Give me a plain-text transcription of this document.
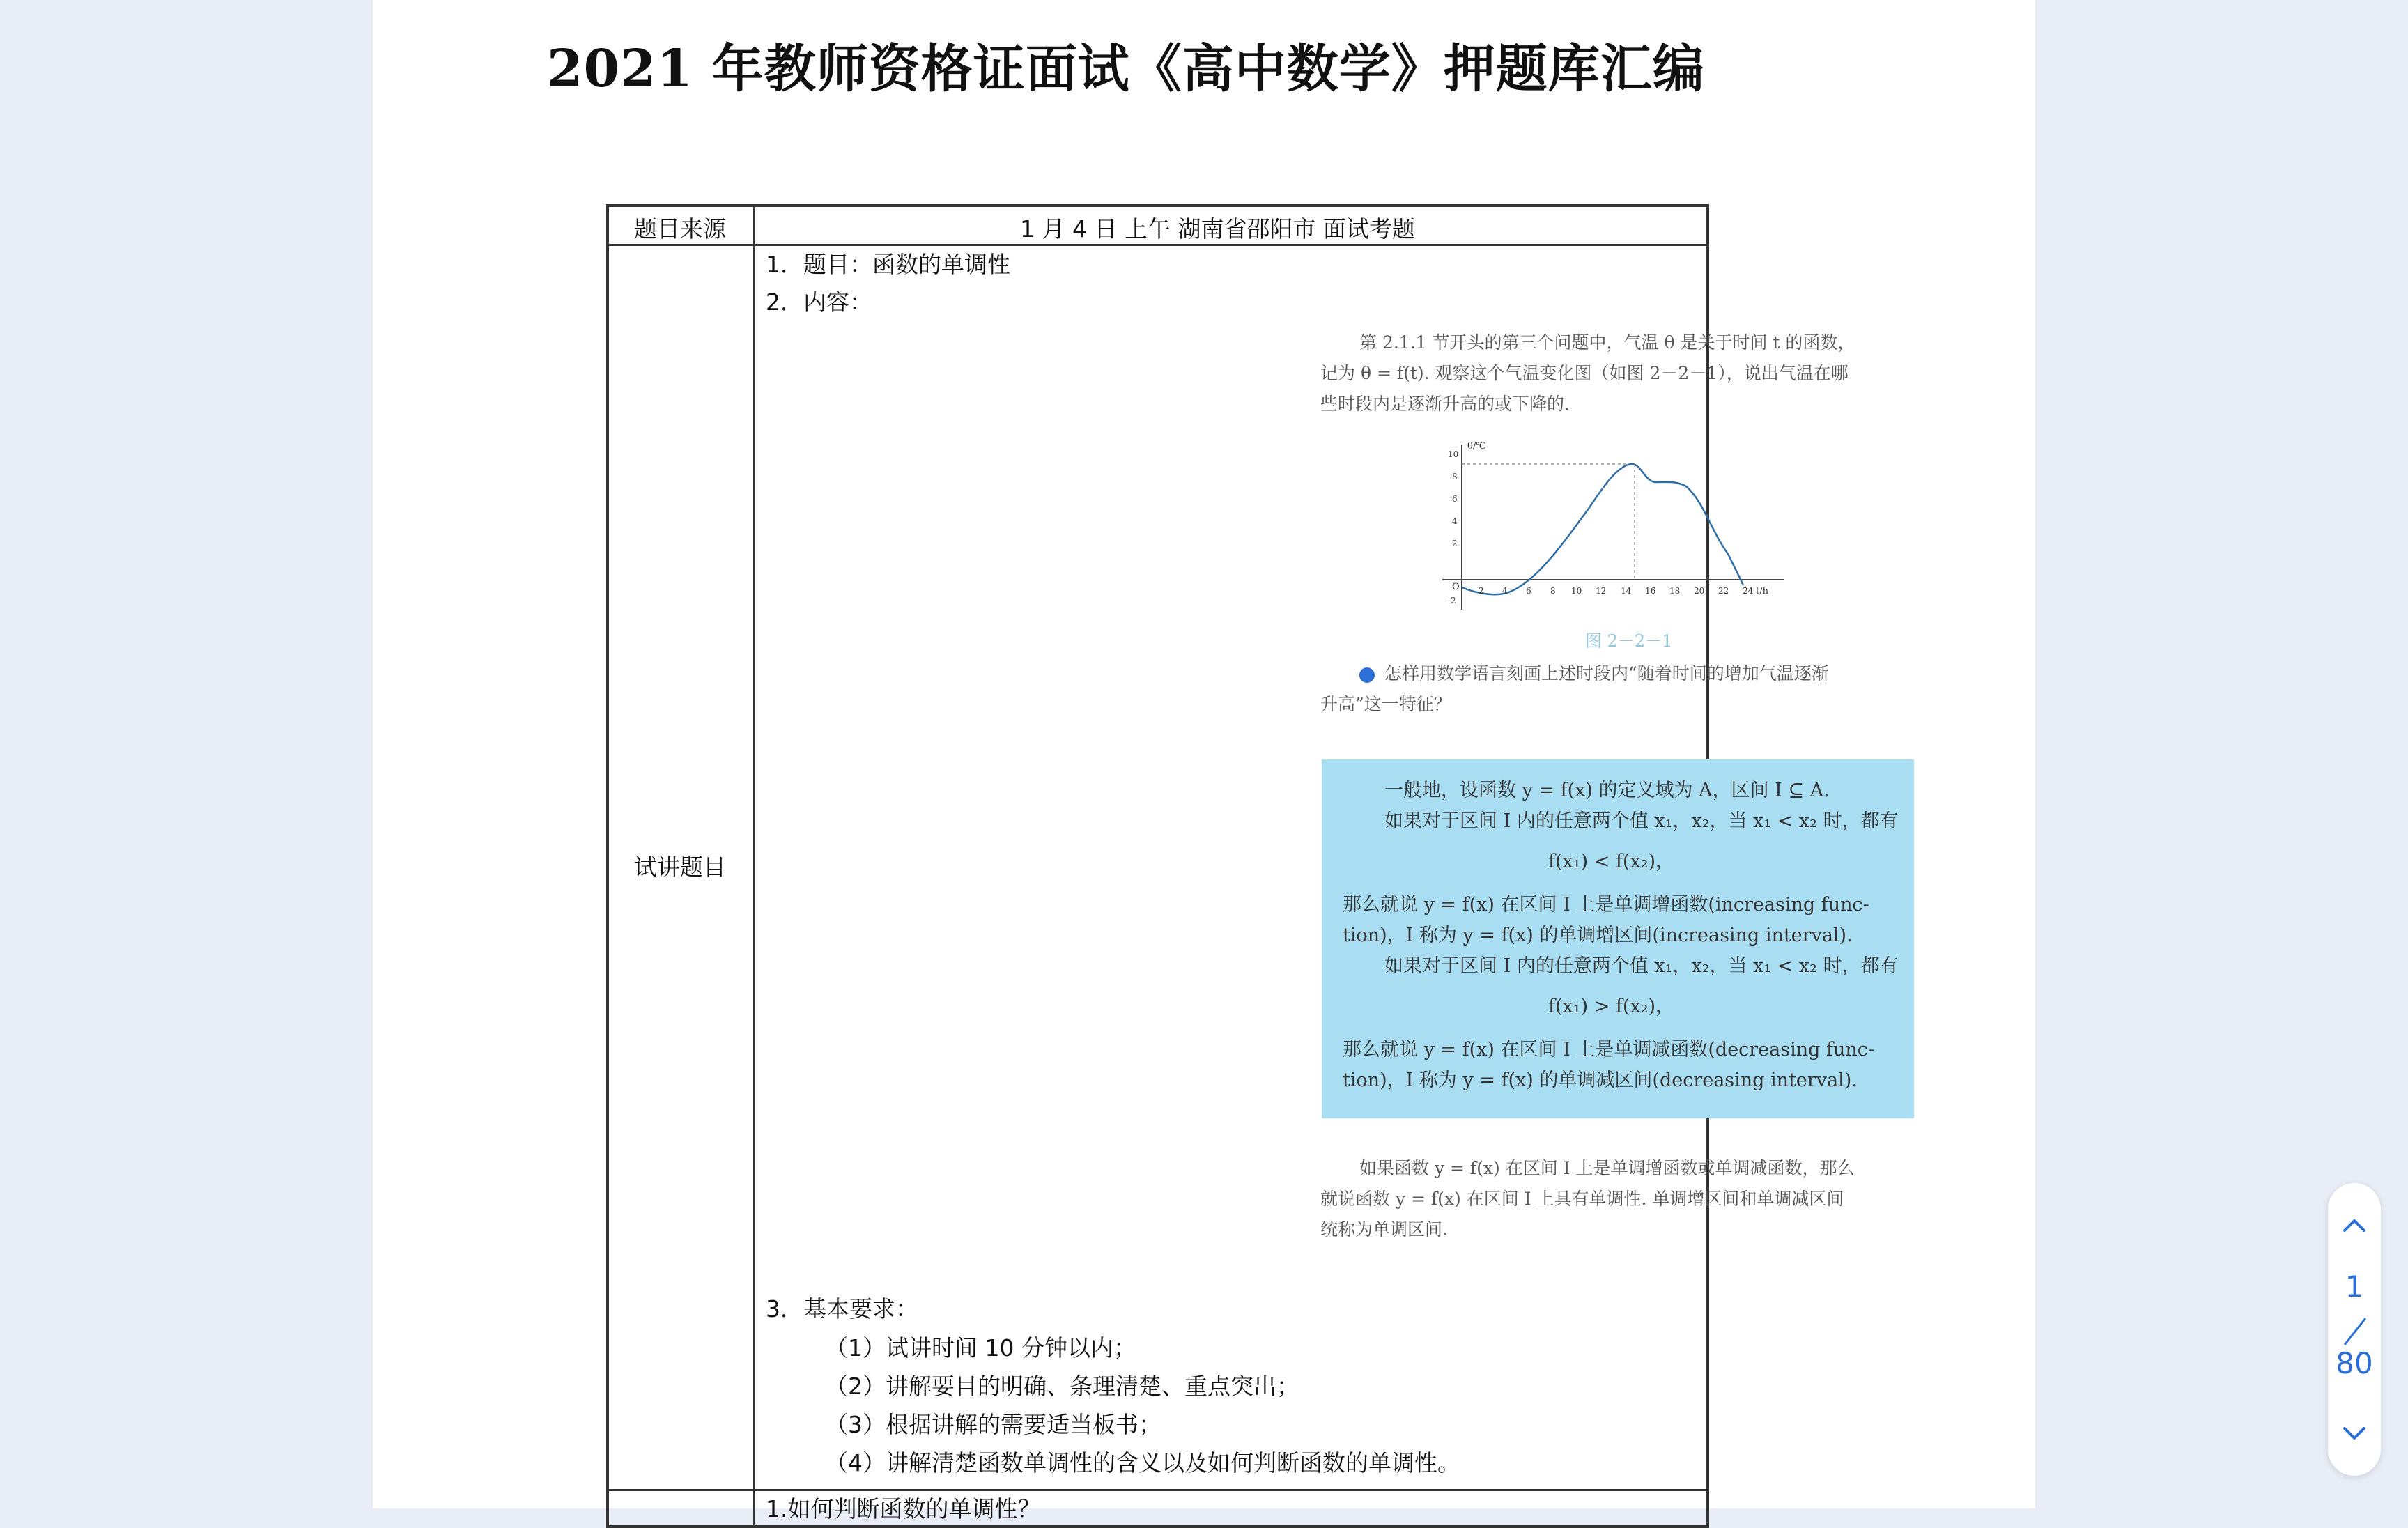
2021 年教师资格证面试《高中数学》押题库汇编
题目来源	1 月 4 日 上午 湖南省邵阳市 面试考题
试讲题目
1．题目：函数的单调性
2．内容：
3．基本要求：
（1）试讲时间 10 分钟以内；
（2）讲解要目的明确、条理清楚、重点突出；
（3）根据讲解的需要适当板书；
（4）讲解清楚函数单调性的含义以及如何判断函数的单调性。
1.如何判断函数的单调性？

第 2.1.1 节开头的第三个问题中，气温 θ 是关于时间 t 的函数，

记为 θ = f(t). 观察这个气温变化图（如图 2－2－1），说出气温在哪

些时段内是逐渐升高的或下降的.

θ/℃
t/h
O
10
8
6
4
2
-2
2 4 6 8 10 12 14 16 18 20 22 24
图 2－2－1

怎样用数学语言刻画上述时段内“随着时间的增加气温逐渐

升高”这一特征？

一般地，设函数 y = f(x) 的定义域为 A，区间 I ⊆ A.
如果对于区间 I 内的任意两个值 x₁，x₂，当 x₁ < x₂ 时，都有
f(x₁) < f(x₂)，
那么就说 y = f(x) 在区间 I 上是单调增函数(increasing func-
tion)，I 称为 y = f(x) 的单调增区间(increasing interval).
如果对于区间 I 内的任意两个值 x₁，x₂，当 x₁ < x₂ 时，都有
f(x₁) > f(x₂)，
那么就说 y = f(x) 在区间 I 上是单调减函数(decreasing func-
tion)，I 称为 y = f(x) 的单调减区间(decreasing interval).

如果函数 y = f(x) 在区间 I 上是单调增函数或单调减函数，那么

就说函数 y = f(x) 在区间 I 上具有单调性. 单调增区间和单调减区间

统称为单调区间.

1
80
